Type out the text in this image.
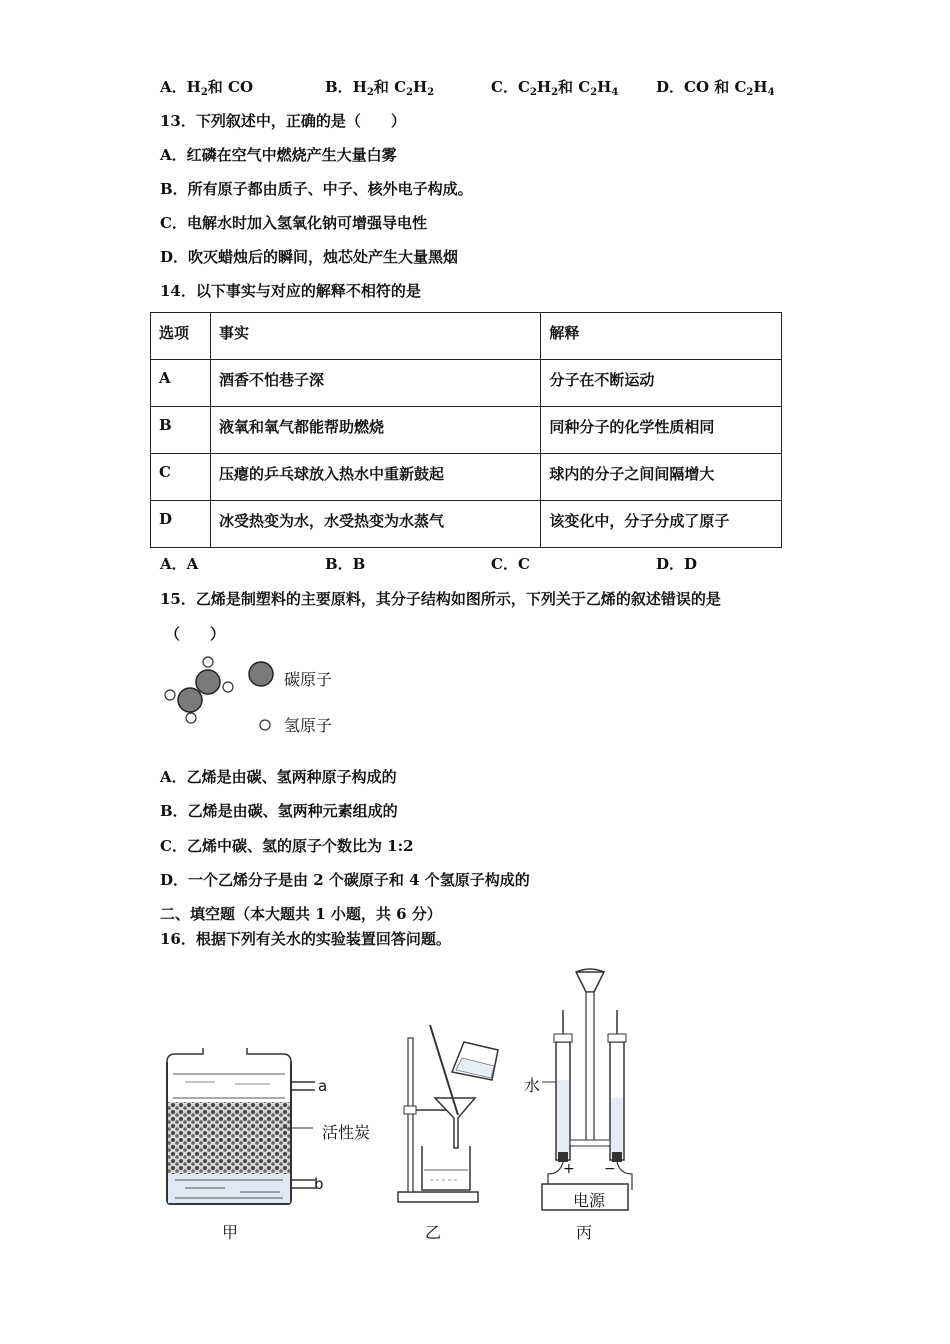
A．$H_2$和 CO	B．$H_2$和 $C_2H_2$	C．$C_2H_2$和 $C_2H_4$	D．CO 和 $C_2H_4$
13．下列叙述中，正确的是（　　）
A．红磷在空气中燃烧产生大量白雾
B．所有原子都由质子、中子、核外电子构成。
C．电解水时加入氢氧化钠可增强导电性
D．吹灭蜡烛后的瞬间，烛芯处产生大量黑烟
14．以下事实与对应的解释不相符的是
选项	事实	解释
A	酒香不怕巷子深	分子在不断运动
B	液氧和氧气都能帮助燃烧	同种分子的化学性质相同
C	压瘪的乒乓球放入热水中重新鼓起	球内的分子之间间隔增大
D	冰受热变为水，水受热变为水蒸气	该变化中，分子分成了原子
A．A	B．B	C．C	D．D
15．乙烯是制塑料的主要原料，其分子结构如图所示，下列关于乙烯的叙述错误的是
（　　）
碳原子
氢原子
A．乙烯是由碳、氢两种原子构成的
B．乙烯是由碳、氢两种元素组成的
C．乙烯中碳、氢的原子个数比为 1:2
D．一个乙烯分子是由 2 个碳原子和 4 个氢原子构成的
二、填空题（本大题共 1 小题，共 6 分）
16．根据下列有关水的实验装置回答问题。
a
活性炭
b
甲	乙
水
+ −
电源
丙
